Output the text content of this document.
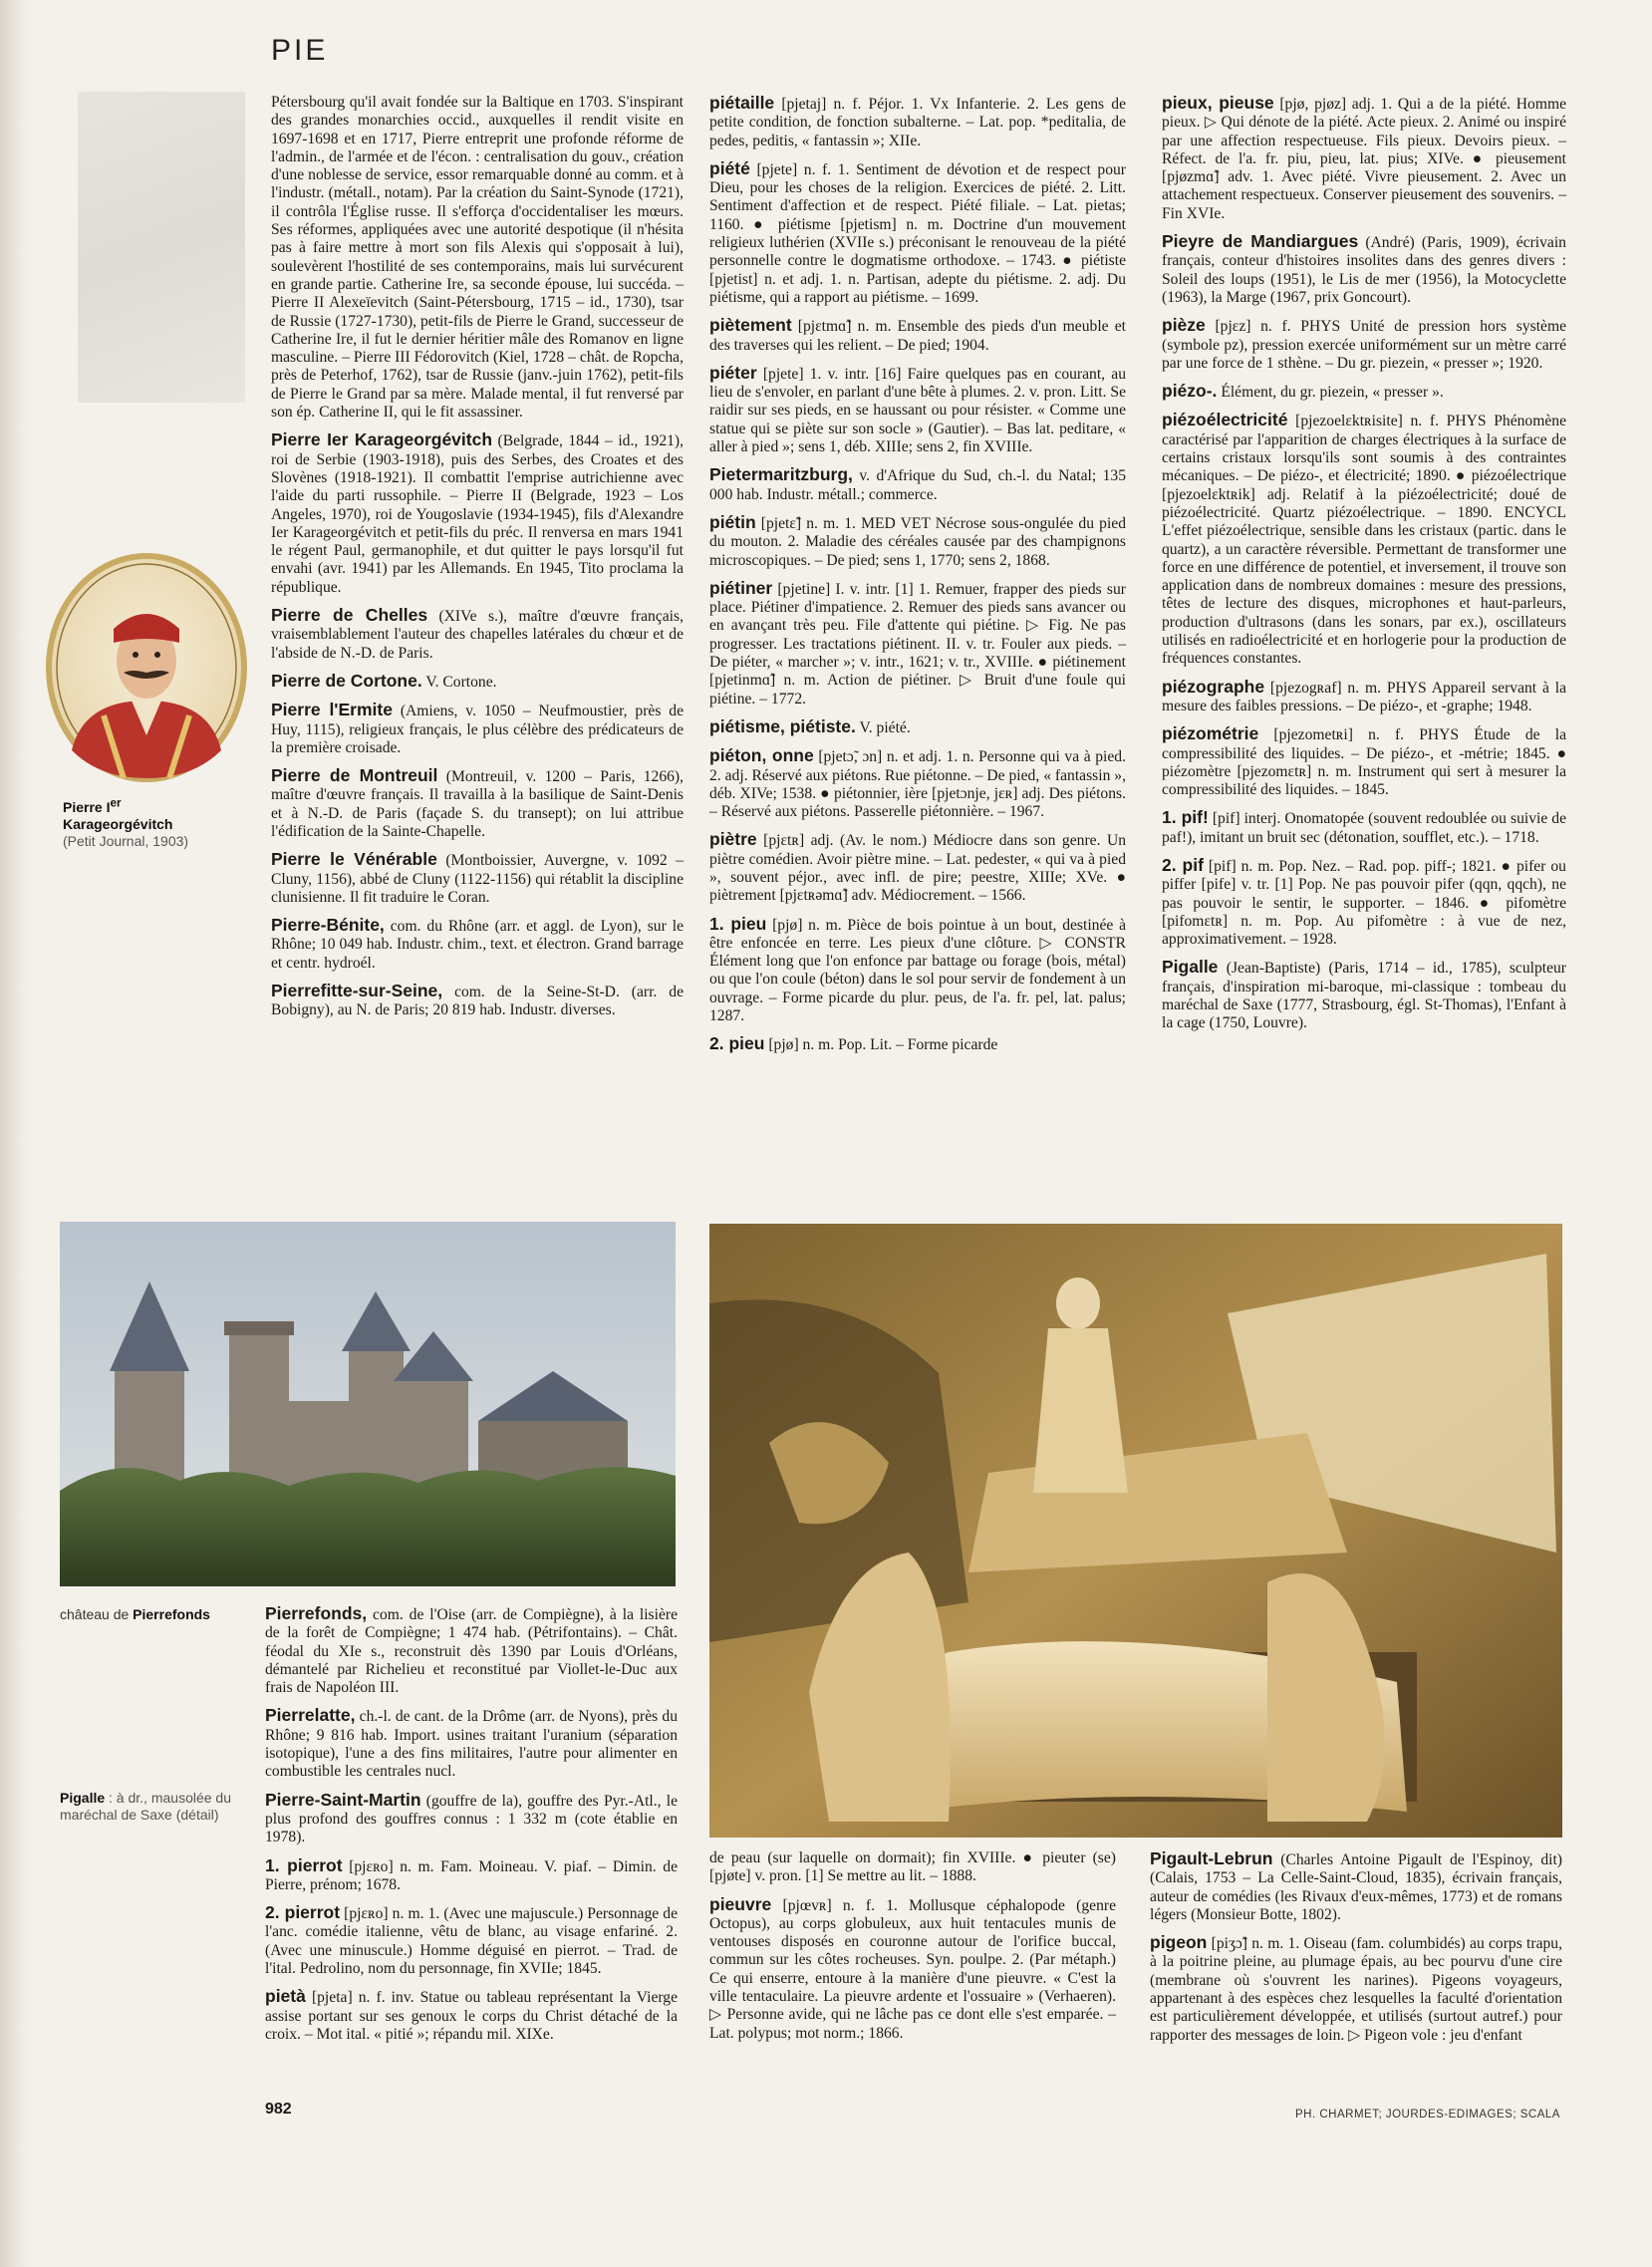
PIE
Pierre Ier
Karageorgévitch
(Petit Journal, 1903)

Pétersbourg qu'il avait fondée sur la Baltique en 1703. S'inspirant des grandes monarchies occid., auxquelles il rendit visite en 1697-1698 et en 1717, Pierre entreprit une profonde réforme de l'admin., de l'armée et de l'écon. : centralisation du gouv., création d'une noblesse de service, essor remarquable donné au comm. et à l'industr. (métall., notam). Par la création du Saint-Synode (1721), il contrôla l'Église russe. Il s'efforça d'occidentaliser les mœurs. Ses réformes, appliquées avec une autorité despotique (il n'hésita pas à faire mettre à mort son fils Alexis qui s'opposait à lui), soulevèrent l'hostilité de ses contemporains, mais lui survécurent en grande partie. Catherine Ire, sa seconde épouse, lui succéda. – Pierre II Alexeïevitch (Saint-Pétersbourg, 1715 – id., 1730), tsar de Russie (1727-1730), petit-fils de Pierre le Grand, successeur de Catherine Ire, il fut le dernier héritier mâle des Romanov en ligne masculine. – Pierre III Fédorovitch (Kiel, 1728 – chât. de Ropcha, près de Peterhof, 1762), tsar de Russie (janv.-juin 1762), petit-fils de Pierre le Grand par sa mère. Malade mental, il fut renversé par son ép. Catherine II, qui le fit assassiner.

Pierre Ier Karageorgévitch (Belgrade, 1844 – id., 1921), roi de Serbie (1903-1918), puis des Serbes, des Croates et des Slovènes (1918-1921). Il combattit l'emprise autrichienne avec l'aide du parti russophile. – Pierre II (Belgrade, 1923 – Los Angeles, 1970), roi de Yougoslavie (1934-1945), fils d'Alexandre Ier Karageorgévitch et petit-fils du préc. Il renversa en mars 1941 le régent Paul, germanophile, et dut quitter le pays lorsqu'il fut envahi (avr. 1941) par les Allemands. En 1945, Tito proclama la république.

Pierre de Chelles (XIVe s.), maître d'œuvre français, vraisemblablement l'auteur des chapelles latérales du chœur et de l'abside de N.-D. de Paris.

Pierre de Cortone. V. Cortone.

Pierre l'Ermite (Amiens, v. 1050 – Neufmoustier, près de Huy, 1115), religieux français, le plus célèbre des prédicateurs de la première croisade.

Pierre de Montreuil (Montreuil, v. 1200 – Paris, 1266), maître d'œuvre français. Il travailla à la basilique de Saint-Denis et à N.-D. de Paris (façade S. du transept); on lui attribue l'édification de la Sainte-Chapelle.

Pierre le Vénérable (Montboissier, Auvergne, v. 1092 – Cluny, 1156), abbé de Cluny (1122-1156) qui rétablit la discipline clunisienne. Il fit traduire le Coran.

Pierre-Bénite, com. du Rhône (arr. et aggl. de Lyon), sur le Rhône; 10 049 hab. Industr. chim., text. et électron. Grand barrage et centr. hydroél.

Pierrefitte-sur-Seine, com. de la Seine-St-D. (arr. de Bobigny), au N. de Paris; 20 819 hab. Industr. diverses.

château de Pierrefonds
Pigalle : à dr., mausolée du maréchal de Saxe (détail)

Pierrefonds, com. de l'Oise (arr. de Compiègne), à la lisière de la forêt de Compiègne; 1 474 hab. (Pétrifontains). – Chât. féodal du XIe s., reconstruit dès 1390 par Louis d'Orléans, démantelé par Richelieu et reconstitué par Viollet-le-Duc aux frais de Napoléon III.

Pierrelatte, ch.-l. de cant. de la Drôme (arr. de Nyons), près du Rhône; 9 816 hab. Import. usines traitant l'uranium (séparation isotopique), l'une a des fins militaires, l'autre pour alimenter en combustible les centrales nucl.

Pierre-Saint-Martin (gouffre de la), gouffre des Pyr.-Atl., le plus profond des gouffres connus : 1 332 m (cote établie en 1978).

1. pierrot [pjɛʀo] n. m. Fam. Moineau. V. piaf. – Dimin. de Pierre, prénom; 1678.

2. pierrot [pjɛʀo] n. m. 1. (Avec une majuscule.) Personnage de l'anc. comédie italienne, vêtu de blanc, au visage enfariné. 2. (Avec une minuscule.) Homme déguisé en pierrot. – Trad. de l'ital. Pedrolino, nom du personnage, fin XVIIe; 1845.

pietà [pjeta] n. f. inv. Statue ou tableau représentant la Vierge assise portant sur ses genoux le corps du Christ détaché de la croix. – Mot ital. « pitié »; répandu mil. XIXe.

piétaille [pjetaj] n. f. Péjor. 1. Vx Infanterie. 2. Les gens de petite condition, de fonction subalterne. – Lat. pop. *peditalia, de pedes, peditis, « fantassin »; XIIe.

piété [pjete] n. f. 1. Sentiment de dévotion et de respect pour Dieu, pour les choses de la religion. Exercices de piété. 2. Litt. Sentiment d'affection et de respect. Piété filiale. – Lat. pietas; 1160. ● piétisme [pjetism] n. m. Doctrine d'un mouvement religieux luthérien (XVIIe s.) préconisant le renouveau de la piété personnelle contre le dogmatisme orthodoxe. – 1743. ● piétiste [pjetist] n. et adj. 1. n. Partisan, adepte du piétisme. 2. adj. Du piétisme, qui a rapport au piétisme. – 1699.

piètement [pjɛtmɑ̃] n. m. Ensemble des pieds d'un meuble et des traverses qui les relient. – De pied; 1904.

piéter [pjete] 1. v. intr. [16] Faire quelques pas en courant, au lieu de s'envoler, en parlant d'une bête à plumes. 2. v. pron. Litt. Se raidir sur ses pieds, en se haussant ou pour résister. « Comme une statue qui se piète sur son socle » (Gautier). – Bas lat. peditare, « aller à pied »; sens 1, déb. XIIIe; sens 2, fin XVIIIe.

Pietermaritzburg, v. d'Afrique du Sud, ch.-l. du Natal; 135 000 hab. Industr. métall.; commerce.

piétin [pjetɛ̃] n. m. 1. MED VET Nécrose sous-onguléе du pied du mouton. 2. Maladie des céréales causée par des champignons microscopiques. – De pied; sens 1, 1770; sens 2, 1868.

piétiner [pjetine] I. v. intr. [1] 1. Remuer, frapper des pieds sur place. Piétiner d'impatience. 2. Remuer des pieds sans avancer ou en avançant très peu. File d'attente qui piétine. ▷ Fig. Ne pas progresser. Les tractations piétinent. II. v. tr. Fouler aux pieds. – De piéter, « marcher »; v. intr., 1621; v. tr., XVIIIe. ● piétinement [pjetinmɑ̃] n. m. Action de piétiner. ▷ Bruit d'une foule qui piétine. – 1772.

piétisme, piétiste. V. piété.

piéton, onne [pjetɔ̃, ɔn] n. et adj. 1. n. Personne qui va à pied. 2. adj. Réservé aux piétons. Rue piétonne. – De pied, « fantassin », déb. XIVe; 1538. ● piétonnier, ière [pjetɔnje, jɛʀ] adj. Des piétons. – Réservé aux piétons. Passerelle piétonnière. – 1967.

piètre [pjɛtʀ] adj. (Av. le nom.) Médiocre dans son genre. Un piètre comédien. Avoir piètre mine. – Lat. pedester, « qui va à pied », souvent péjor., avec infl. de pire; peestre, XIIIe; XVe. ● piètrement [pjɛtʀəmɑ̃] adv. Médiocrement. – 1566.

1. pieu [pjø] n. m. Pièce de bois pointue à un bout, destinée à être enfoncée en terre. Les pieux d'une clôture. ▷ CONSTR Élément long que l'on enfonce par battage ou forage (bois, métal) ou que l'on coule (béton) dans le sol pour servir de fondement à un ouvrage. – Forme picarde du plur. peus, de l'a. fr. pel, lat. palus; 1287.

2. pieu [pjø] n. m. Pop. Lit. – Forme picarde

de peau (sur laquelle on dormait); fin XVIIIe. ● pieuter (se) [pjøte] v. pron. [1] Se mettre au lit. – 1888.

pieuvre [pjœvʀ] n. f. 1. Mollusque céphalopode (genre Octopus), au corps globuleux, aux huit tentacules munis de ventouses disposés en couronne autour de l'orifice buccal, commun sur les côtes rocheuses. Syn. poulpe. 2. (Par métaph.) Ce qui enserre, entoure à la manière d'une pieuvre. « C'est la ville tentaculaire. La pieuvre ardente et l'ossuaire » (Verhaeren). ▷ Personne avide, qui ne lâche pas ce dont elle s'est emparée. – Lat. polypus; mot norm.; 1866.

pieux, pieuse [pjø, pjøz] adj. 1. Qui a de la piété. Homme pieux. ▷ Qui dénote de la piété. Acte pieux. 2. Animé ou inspiré par une affection respectueuse. Fils pieux. Devoirs pieux. – Réfect. de l'a. fr. piu, pieu, lat. pius; XIVe. ● pieusement [pjøzmɑ̃] adv. 1. Avec piété. Vivre pieusement. 2. Avec un attachement respectueux. Conserver pieusement des souvenirs. – Fin XVIe.

Pieyre de Mandiargues (André) (Paris, 1909), écrivain français, conteur d'histoires insolites dans des genres divers : Soleil des loups (1951), le Lis de mer (1956), la Motocyclette (1963), la Marge (1967, prix Goncourt).

pièze [pjɛz] n. f. PHYS Unité de pression hors système (symbole pz), pression exercée uniformément sur un mètre carré par une force de 1 sthène. – Du gr. piezein, « presser »; 1920.

piézo-. Élément, du gr. piezein, « presser ».

piézoélectricité [pjezoelɛktʀisite] n. f. PHYS Phénomène caractérisé par l'apparition de charges électriques à la surface de certains cristaux lorsqu'ils sont soumis à des contraintes mécaniques. – De piézo-, et électricité; 1890. ● piézoélectrique [pjezoelɛktʀik] adj. Relatif à la piézoélectricité; doué de piézoélectricité. Quartz piézoélectrique. – 1890. ENCYCL L'effet piézoélectrique, sensible dans les cristaux (partic. dans le quartz), a un caractère réversible. Permettant de transformer une force en une différence de potentiel, et inversement, il trouve son application dans de nombreux domaines : mesure des pressions, têtes de lecture des disques, microphones et haut-parleurs, production d'ultrasons (dans les sonars, par ex.), oscillateurs utilisés en radioélectricité et en horlogerie pour la production de fréquences constantes.

piézographe [pjezogʀaf] n. m. PHYS Appareil servant à la mesure des faibles pressions. – De piézo-, et -graphe; 1948.

piézométrie [pjezometʀi] n. f. PHYS Étude de la compressibilité des liquides. – De piézo-, et -métrie; 1845. ● piézomètre [pjezomɛtʀ] n. m. Instrument qui sert à mesurer la compressibilité des liquides. – 1845.

1. pif! [pif] interj. Onomatopée (souvent redoublée ou suivie de paf!), imitant un bruit sec (détonation, soufflet, etc.). – 1718.

2. pif [pif] n. m. Pop. Nez. – Rad. pop. piff-; 1821. ● pifer ou piffer [pife] v. tr. [1] Pop. Ne pas pouvoir pifer (qqn, qqch), ne pas pouvoir le sentir, le supporter. – 1846. ● pifomètre [pifomɛtʀ] n. m. Pop. Au pifomètre : à vue de nez, approximativement. – 1928.

Pigalle (Jean-Baptiste) (Paris, 1714 – id., 1785), sculpteur français, d'inspiration mi-baroque, mi-classique : tombeau du maréchal de Saxe (1777, Strasbourg, égl. St-Thomas), l'Enfant à la cage (1750, Louvre).

Pigault-Lebrun (Charles Antoine Pigault de l'Espinoy, dit) (Calais, 1753 – La Celle-Saint-Cloud, 1835), écrivain français, auteur de comédies (les Rivaux d'eux-mêmes, 1773) et de romans légers (Monsieur Botte, 1802).

pigeon [piʒɔ̃] n. m. 1. Oiseau (fam. columbidés) au corps trapu, à la poitrine pleine, au plumage épais, au bec pourvu d'une cire (membrane où s'ouvrent les narines). Pigeons voyageurs, appartenant à des espèces chez lesquelles la faculté d'orientation est particulièrement développée, et utilisés (surtout autref.) pour rapporter des messages de loin. ▷ Pigeon vole : jeu d'enfant

982	PH. CHARMET; JOURDES-EDIMAGES; SCALA
